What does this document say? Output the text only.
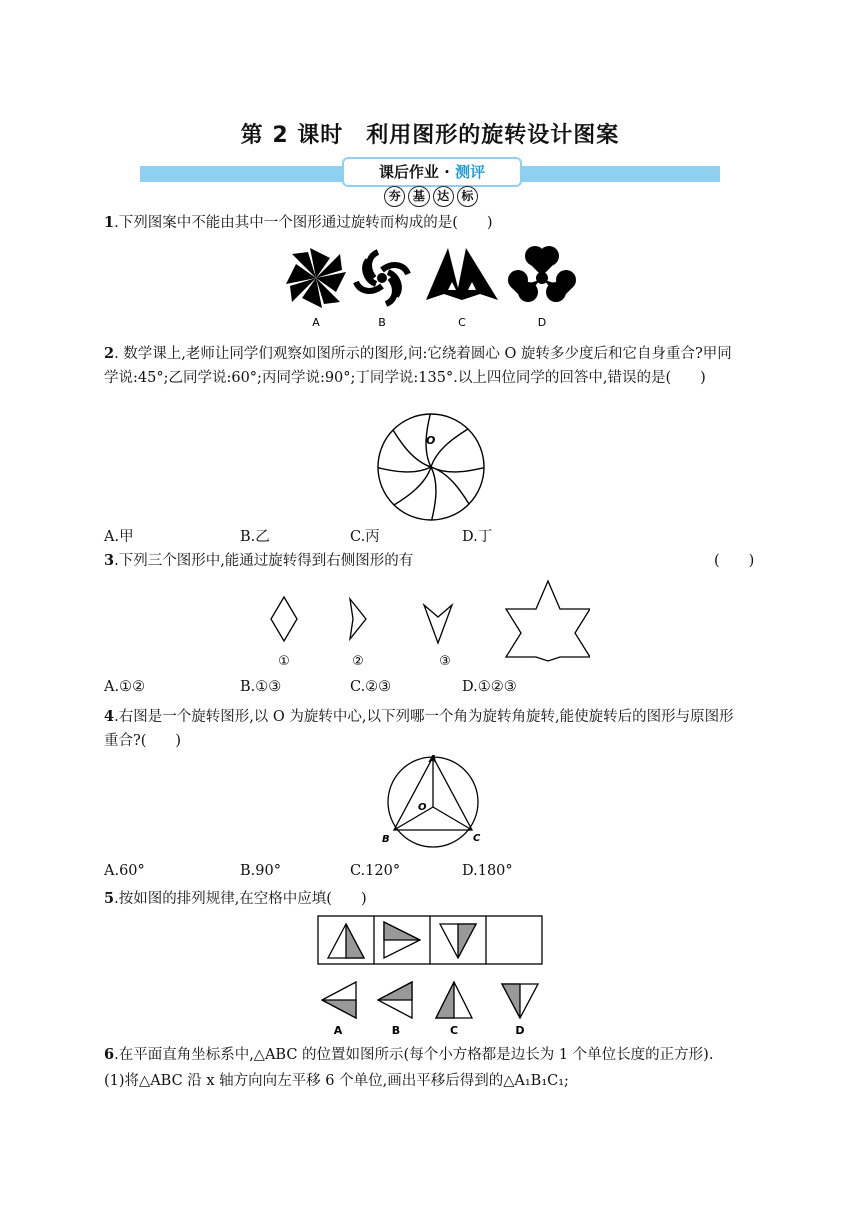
第 2 课时　利用图形的旋转设计图案
课后作业 · 测评
夯	基	达	标
1.下列图案中不能由其中一个图形通过旋转而构成的是(　　)
A	B	C	D
2. 数学课上,老师让同学们观察如图所示的图形,问:它绕着圆心 O 旋转多少度后和它自身重合?甲同
学说:45°;乙同学说:60°;丙同学说:90°;丁同学说:135°.以上四位同学的回答中,错误的是(　　)
O
A.甲	B.乙	C.丙	D.丁
3.下列三个图形中,能通过旋转得到右侧图形的有	(　　)
①	②	③
A.①②	B.①③	C.②③	D.①②③
4.右图是一个旋转图形,以 O 为旋转中心,以下列哪一个角为旋转角旋转,能使旋转后的图形与原图形
重合?(　　)
A
O
B	C
A.60°	B.90°	C.120°	D.180°
5.按如图的排列规律,在空格中应填(　　)
A	B	C	D
6.在平面直角坐标系中,△ABC 的位置如图所示(每个小方格都是边长为 1 个单位长度的正方形).
(1)将△ABC 沿 x 轴方向向左平移 6 个单位,画出平移后得到的△A₁B₁C₁;
